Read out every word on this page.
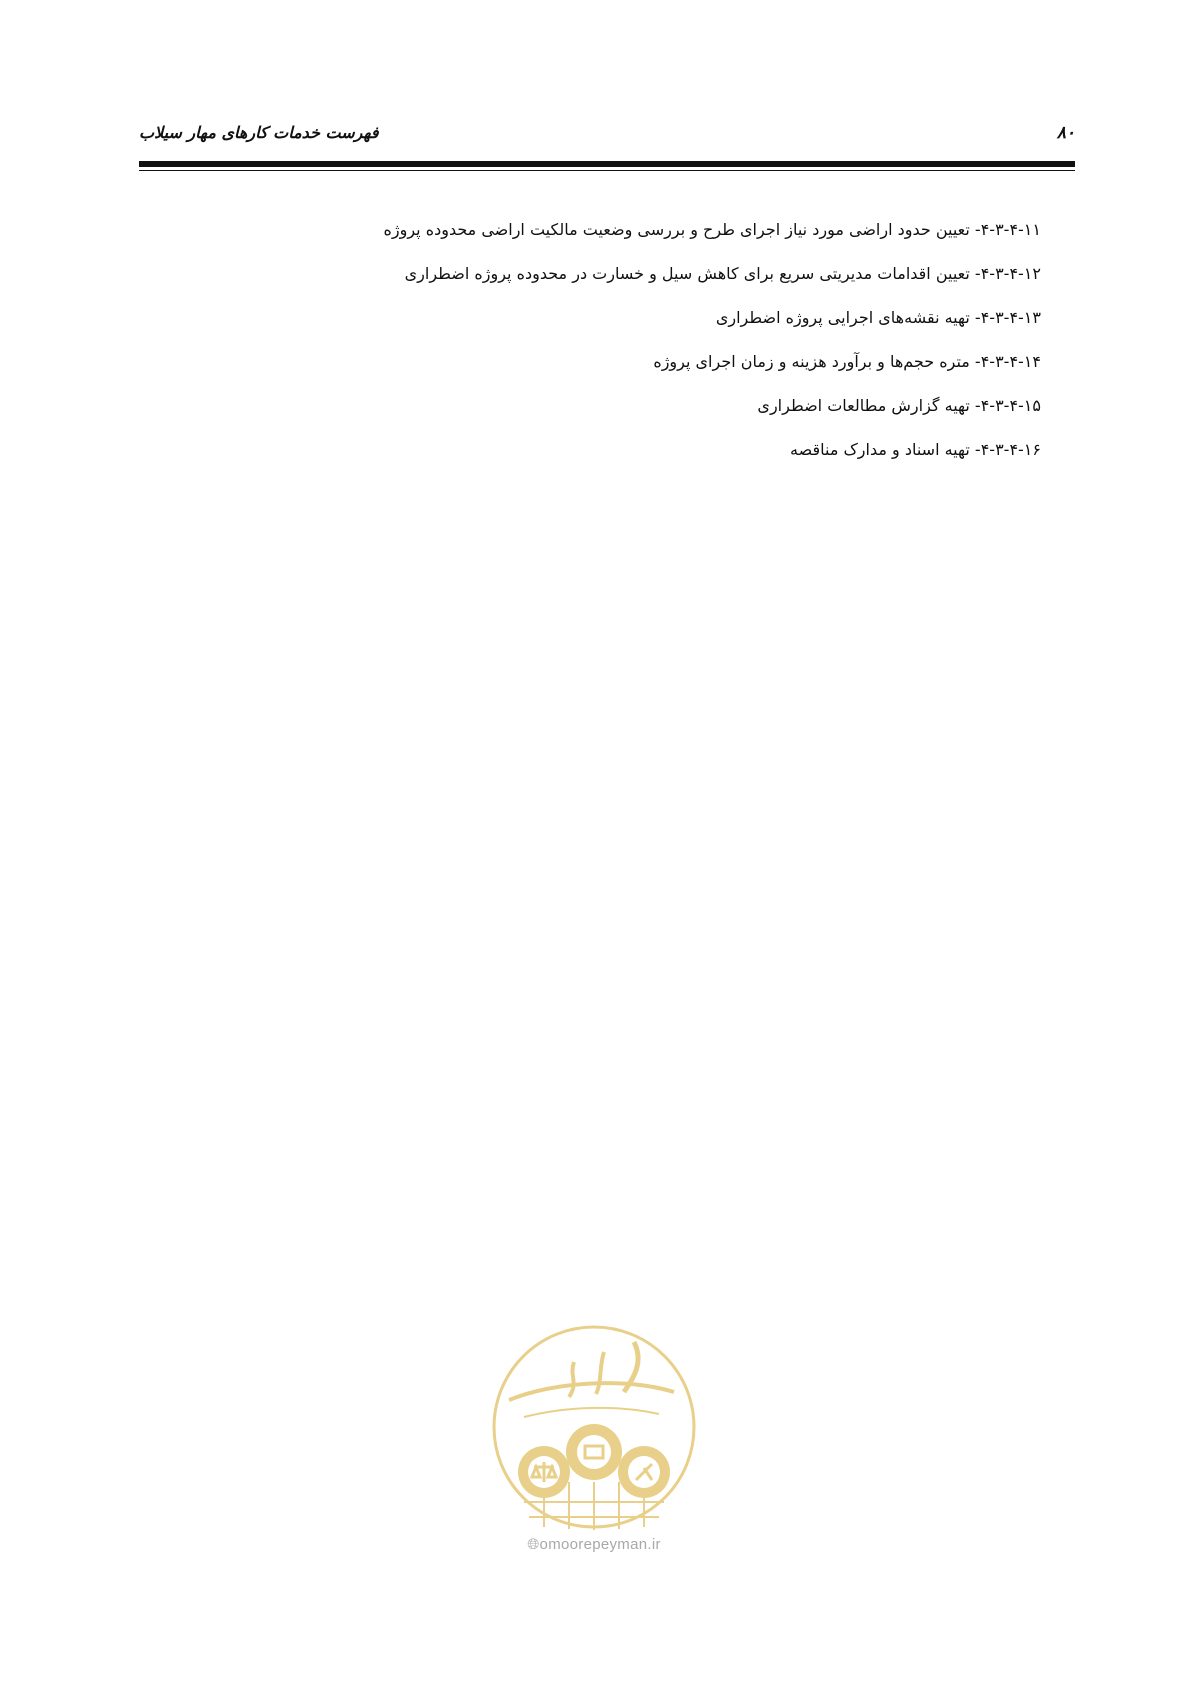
فهرست خدمات کارهای مهار سیلاب	۸۰
۴-۳-۴-۱۱- تعیین حدود اراضی مورد نیاز اجرای طرح و بررسی وضعیت مالکیت اراضی محدوده پروژه
۴-۳-۴-۱۲- تعیین اقدامات مدیریتی سریع برای کاهش سیل و خسارت در محدوده پروژه اضطراری
۴-۳-۴-۱۳- تهیه نقشه‌های اجرایی پروژه اضطراری
۴-۳-۴-۱۴- متره حجم‌ها و برآورد هزینه و زمان اجرای پروژه
۴-۳-۴-۱۵- تهیه گزارش مطالعات اضطراری
۴-۳-۴-۱۶- تهیه اسناد و مدارک مناقصه
🌐︎omoorepeyman.ir
